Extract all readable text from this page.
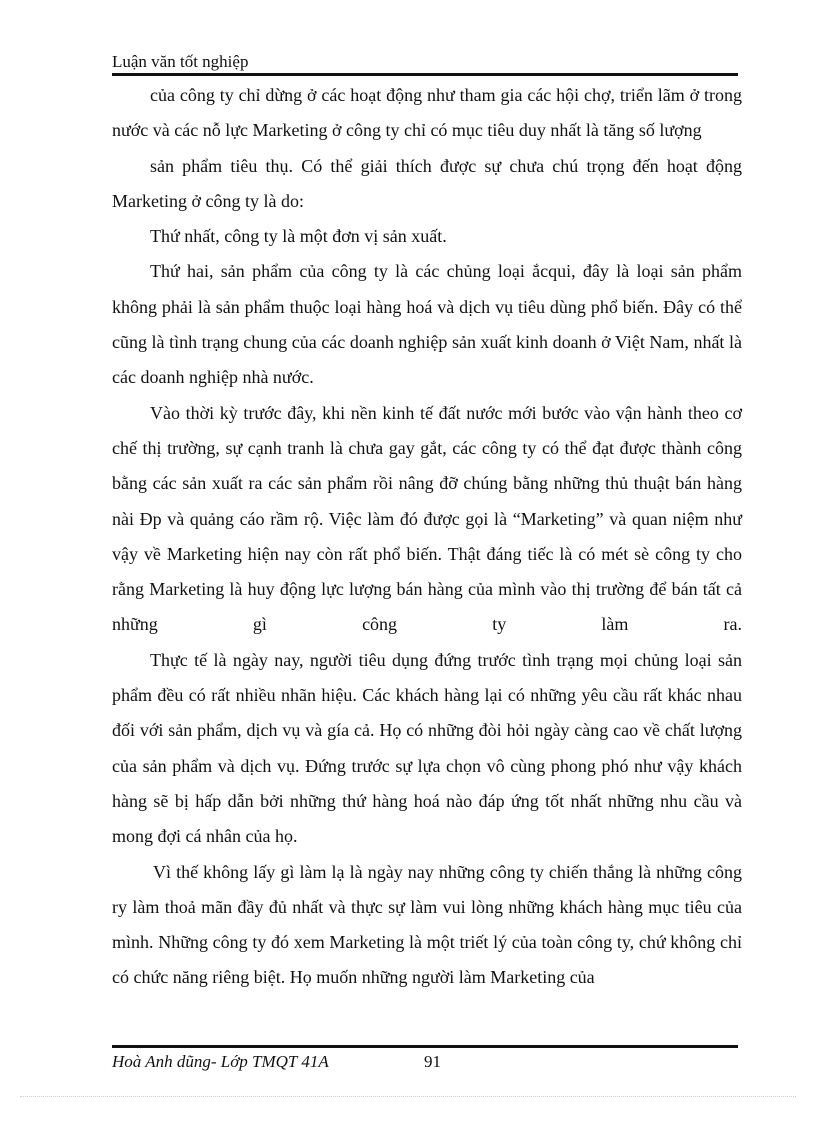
Luận văn tốt nghiệp

của công ty chỉ dừng ở các hoạt động như tham gia các hội chợ, triển lãm ở trong nước và các nỗ lực Marketing ở công ty chỉ có mục tiêu duy nhất là tăng số lượng

sản phẩm tiêu thụ. Có thể giải thích được sự chưa chú trọng đến hoạt động Marketing ở công ty là do:

Thứ nhất, công ty là một đơn vị sản xuất.

Thứ hai, sản phẩm của công ty là các chủng loại ắcqui, đây là loại sản phẩm không phải là sản phẩm thuộc loại hàng hoá và dịch vụ tiêu dùng phổ biến. Đây có thể cũng là tình trạng chung của các doanh nghiệp sản xuất kinh doanh ở Việt Nam, nhất là các doanh nghiệp nhà nước.

Vào thời kỳ trước đây, khi nền kinh tế đất nước mới bước vào vận hành theo cơ chế thị trường, sự cạnh tranh là chưa gay gắt, các công ty có thể đạt được thành công bằng các sản xuất ra các sản phẩm rồi nâng đỡ chúng bằng những thủ thuật bán hàng nài Đp và quảng cáo rầm rộ. Việc làm đó được gọi là “Marketing” và quan niệm như vậy về Marketing hiện nay còn rất phổ biến. Thật đáng tiếc là có mét sè công ty cho rằng Marketing là huy động lực lượng bán hàng của mình vào thị trường để bán tất cả những gì công ty làm ra.

Thực tế là ngày nay, người tiêu dụng đứng trước tình trạng mọi chủng loại sản phẩm đều có rất nhiều nhãn hiệu. Các khách hàng lại có những yêu cầu rất khác nhau đối với sản phẩm, dịch vụ và gía cả. Họ có những đòi hỏi ngày càng cao về chất lượng của sản phẩm và dịch vụ. Đứng trước sự lựa chọn vô cùng phong phó như vậy khách hàng sẽ bị hấp dẫn bởi những thứ hàng hoá nào đáp ứng tốt nhất những nhu cầu và mong đợi cá nhân của họ.

Vì thế không lấy gì làm lạ là ngày nay những công ty chiến thắng là những công ry làm thoả mãn đầy đủ nhất và thực sự làm vui lòng những khách hàng mục tiêu của mình. Những công ty đó xem Marketing là một triết lý của toàn công ty, chứ không chỉ có chức năng riêng biệt. Họ muốn những người làm Marketing của

Hoà Anh dũng- Lớp TMQT 41A	91
